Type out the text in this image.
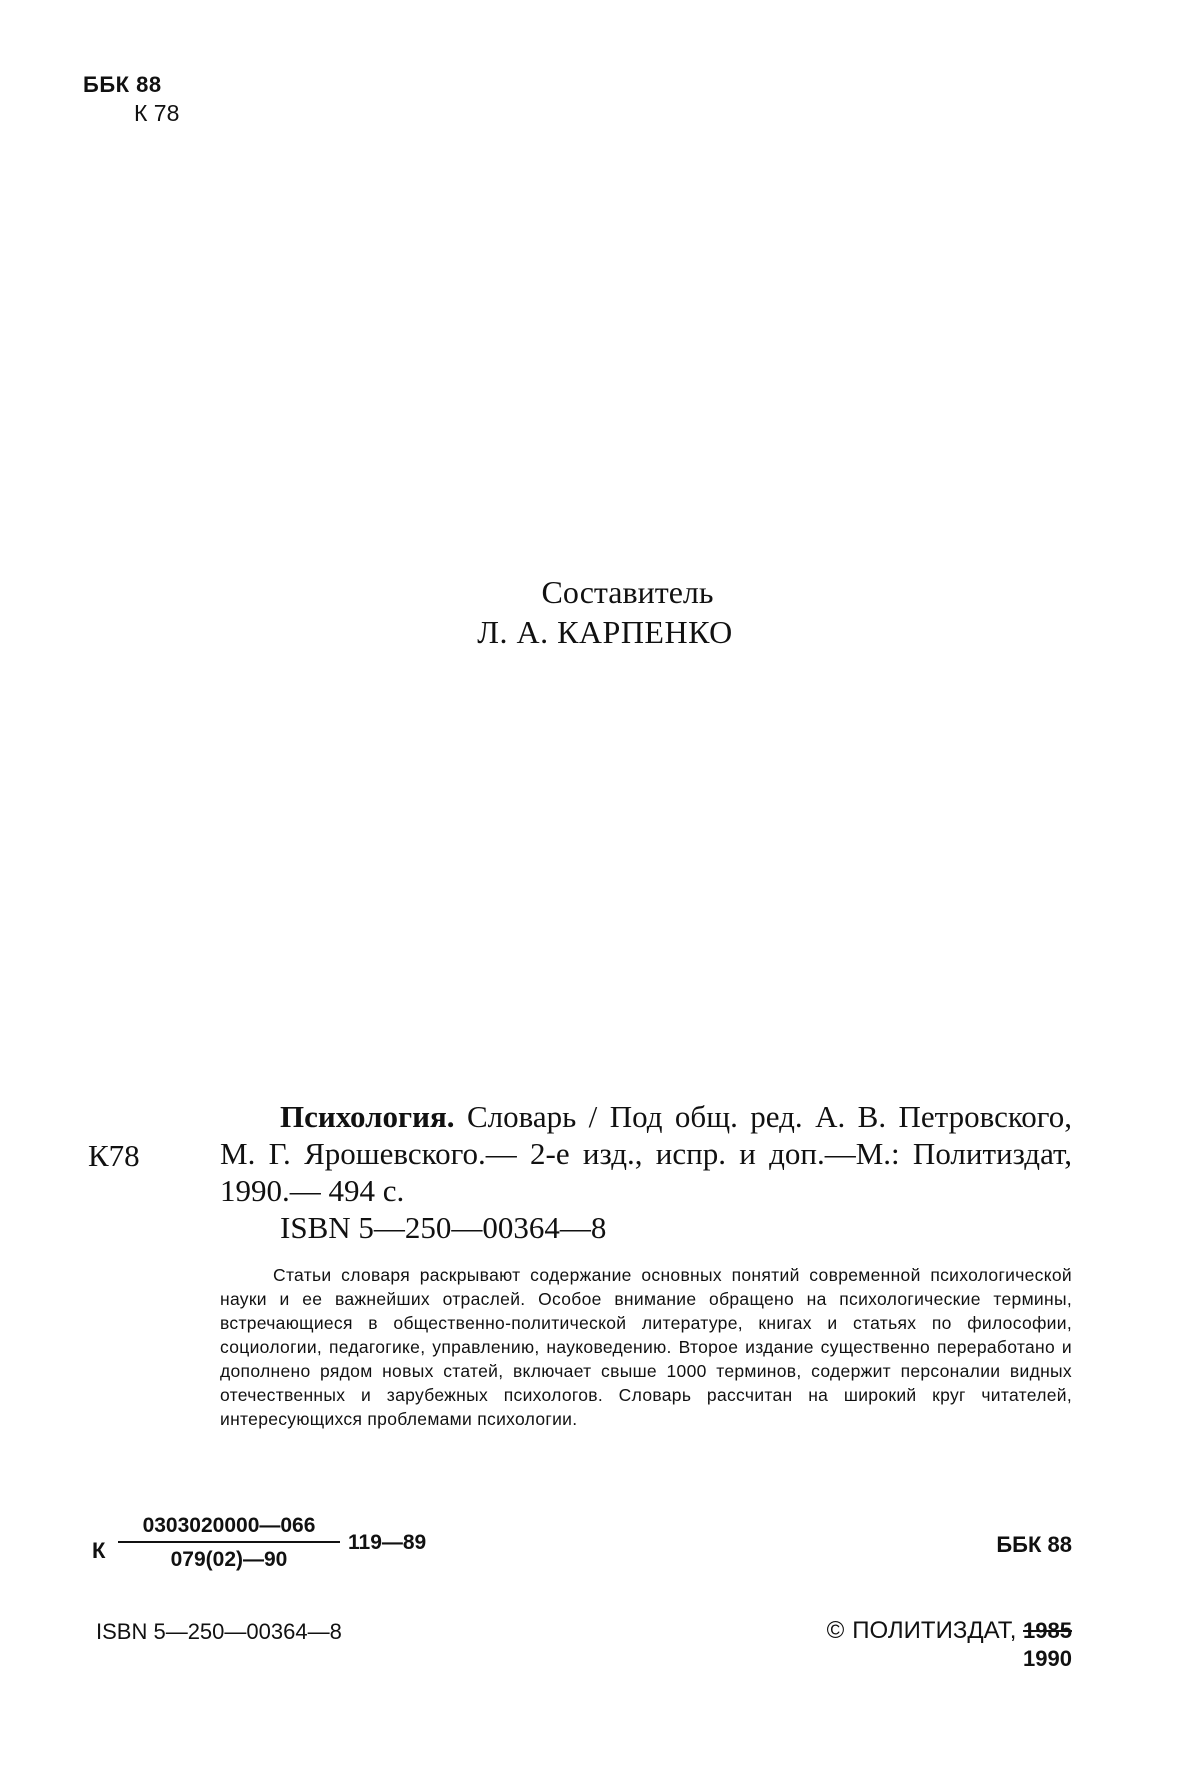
ББК 88
К 78
Составитель
Л. А. КАРПЕНКО
К78
Психология. Словарь / Под общ. ред. А. В. Петровского, М. Г. Ярошевского.— 2-е изд., испр. и доп.—М.: Политиздат, 1990.— 494 с.
ISBN 5—250—00364—8
Статьи словаря раскрывают содержание основных понятий современной психологической науки и ее важнейших отраслей. Особое внимание обращено на психологические термины, встречающиеся в общественно-политической литературе, книгах и статьях по философии, социологии, педагогике, управлению, науковедению. Второе издание существенно переработано и дополнено рядом новых статей, включает свыше 1000 терминов, содержит персоналии видных отечественных и зарубежных психологов. Словарь рассчитан на широкий круг читателей, интересующихся проблемами психологии.
К $\frac{0303020000—066}{079(02)—90}$ 119—89	ББК 88
ISBN 5—250—00364—8	© ПОЛИТИЗДАТ, 1985
1990
